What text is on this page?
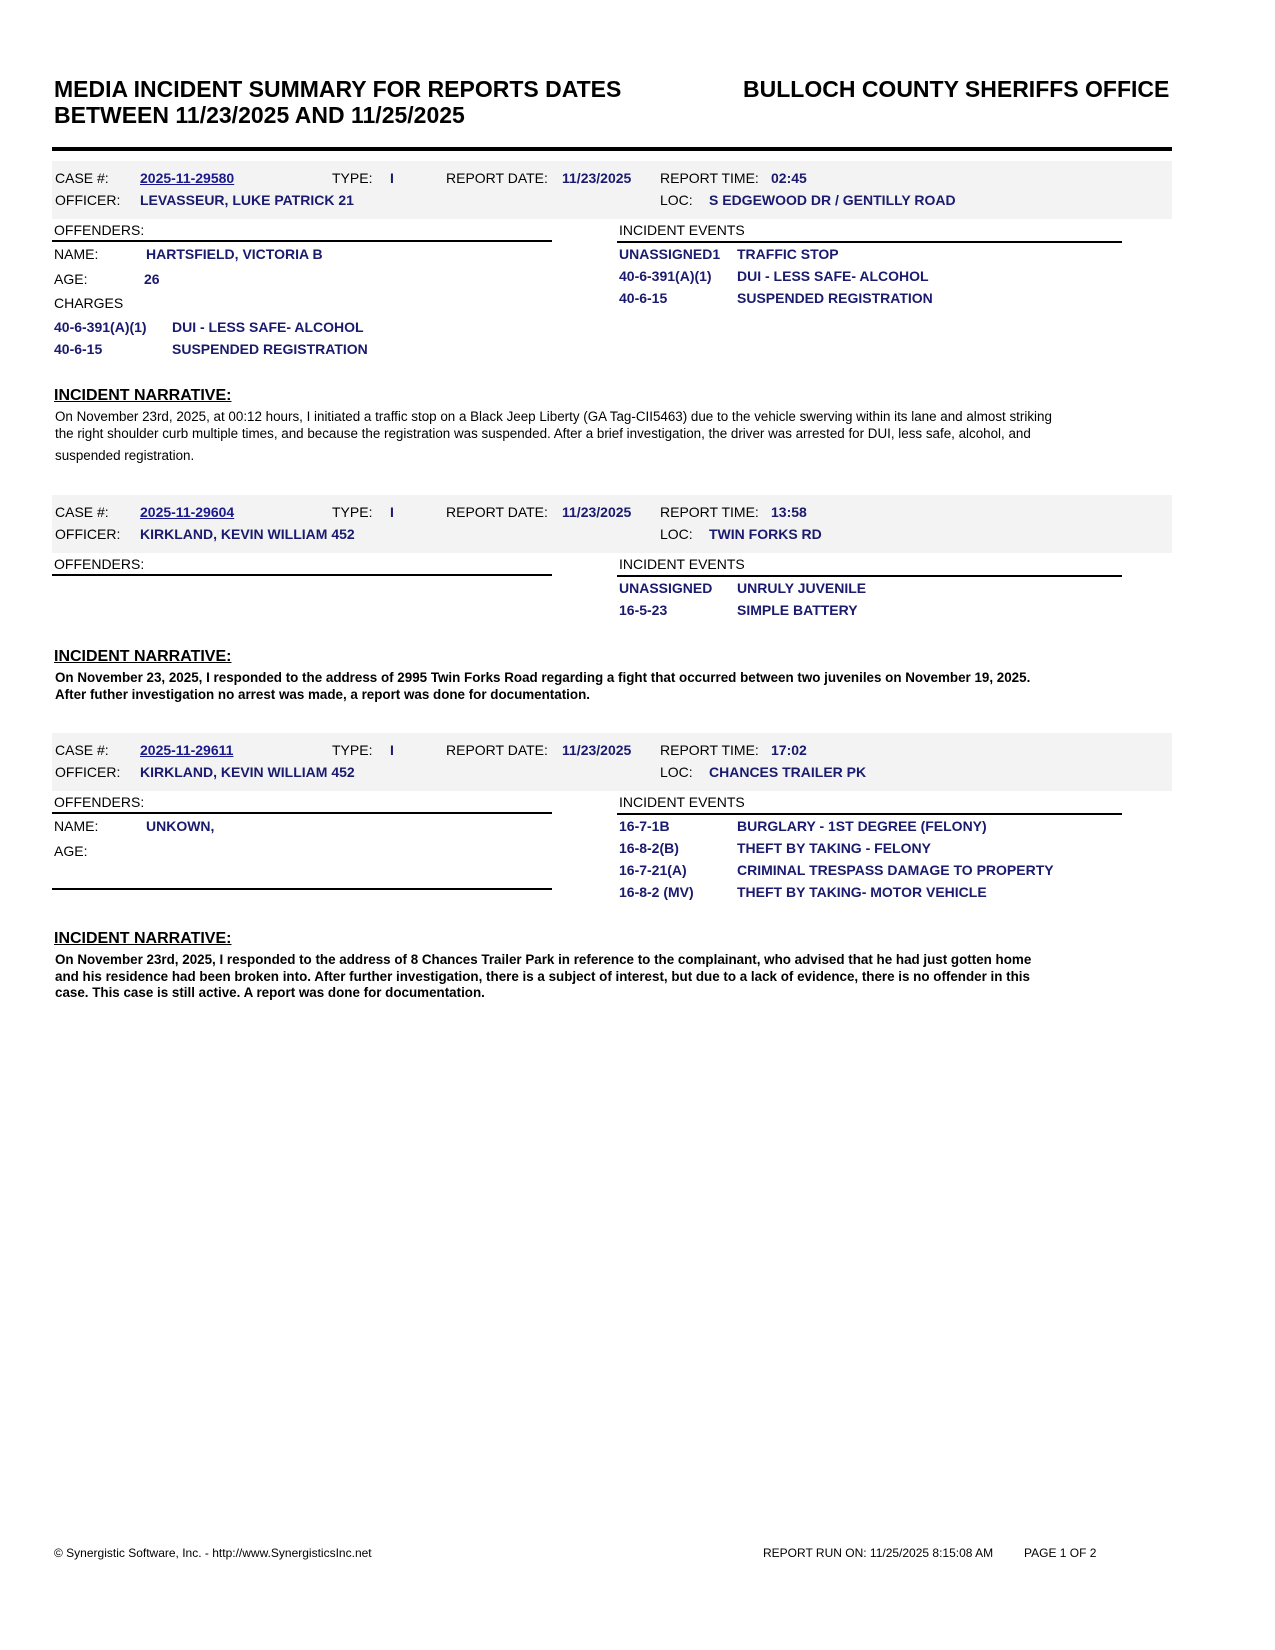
MEDIA INCIDENT SUMMARY FOR REPORTS DATES
BETWEEN 11/23/2025 AND 11/25/2025
BULLOCH COUNTY SHERIFFS OFFICE
CASE #: 2025-11-29580	TYPE: I	REPORT DATE: 11/23/2025 REPORT TIME: 02:45
OFFICER: LEVASSEUR, LUKE PATRICK 21	LOC: S EDGEWOOD DR / GENTILLY ROAD
OFFENDERS:	INCIDENT EVENTS
NAME:	HARTSFIELD, VICTORIA B
AGE:	26
CHARGES
40-6-391(A)(1) DUI - LESS SAFE- ALCOHOL
40-6-15	SUSPENDED REGISTRATION
UNASSIGNED1 TRAFFIC STOP
40-6-391(A)(1) DUI - LESS SAFE- ALCOHOL
40-6-15	SUSPENDED REGISTRATION
INCIDENT NARRATIVE:
On November 23rd, 2025, at 00:12 hours, I initiated a traffic stop on a Black Jeep Liberty (GA Tag-CII5463) due to the vehicle swerving within its lane and almost striking
the right shoulder curb multiple times, and because the registration was suspended. After a brief investigation, the driver was arrested for DUI, less safe, alcohol, and
suspended registration.
CASE #: 2025-11-29604	TYPE: I	REPORT DATE: 11/23/2025 REPORT TIME: 13:58
OFFICER: KIRKLAND, KEVIN WILLIAM 452	LOC: TWIN FORKS RD
OFFENDERS:	INCIDENT EVENTS
UNASSIGNED UNRULY JUVENILE
16-5-23	SIMPLE BATTERY
INCIDENT NARRATIVE:
On November 23, 2025, I responded to the address of 2995 Twin Forks Road regarding a fight that occurred between two juveniles on November 19, 2025.
After futher investigation no arrest was made, a report was done for documentation.
CASE #: 2025-11-29611	TYPE: I	REPORT DATE: 11/23/2025 REPORT TIME: 17:02
OFFICER: KIRKLAND, KEVIN WILLIAM 452	LOC: CHANCES TRAILER PK
OFFENDERS:	INCIDENT EVENTS
NAME:	UNKOWN,
AGE:
16-7-1B	BURGLARY - 1ST DEGREE (FELONY)
16-8-2(B)	THEFT BY TAKING - FELONY
16-7-21(A)	CRIMINAL TRESPASS DAMAGE TO PROPERTY
16-8-2 (MV)	THEFT BY TAKING- MOTOR VEHICLE
INCIDENT NARRATIVE:
On November 23rd, 2025, I responded to the address of 8 Chances Trailer Park in reference to the complainant, who advised that he had just gotten home
and his residence had been broken into. After further investigation, there is a subject of interest, but due to a lack of evidence, there is no offender in this
case. This case is still active. A report was done for documentation.
© Synergistic Software, Inc. - http://www.SynergisticsInc.net	REPORT RUN ON: 11/25/2025 8:15:08 AM	PAGE 1 OF 2
